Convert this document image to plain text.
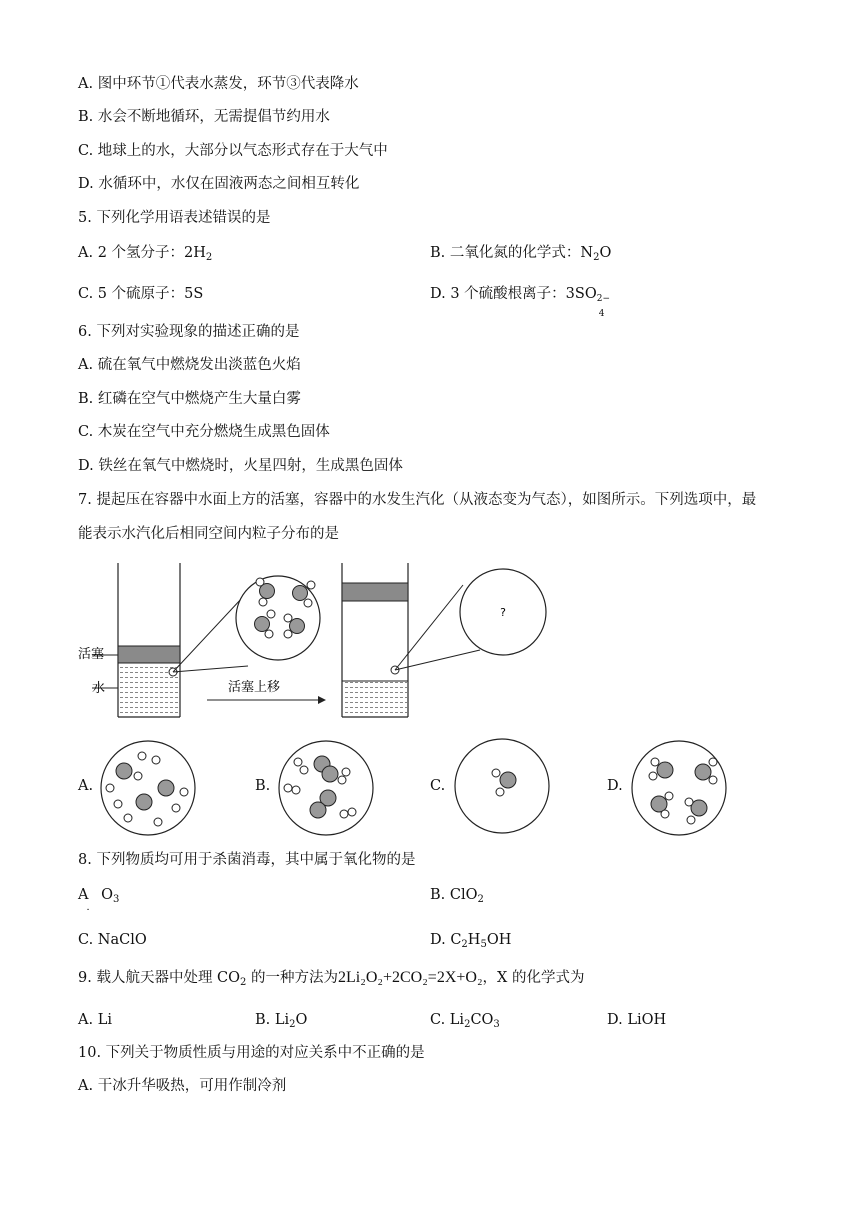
A. 图中环节①代表水蒸发，环节③代表降水
B. 水会不断地循环，无需提倡节约用水
C. 地球上的水，大部分以气态形式存在于大气中
D. 水循环中，水仅在固液两态之间相互转化
5. 下列化学用语表述错误的是
A. 2 个氢分子：$2H_2$	B. 二氧化氮的化学式：$N_2O$
C. 5 个硫原子：5S	D. 3 个硫酸根离子：3SO 2−
4
6. 下列对实验现象的描述正确的是
A. 硫在氧气中燃烧发出淡蓝色火焰
B. 红磷在空气中燃烧产生大量白雾
C. 木炭在空气中充分燃烧生成黑色固体
D. 铁丝在氧气中燃烧时，火星四射，生成黑色固体
7. 提起压在容器中水面上方的活塞，容器中的水发生汽化（从液态变为气态），如图所示。下列选项中，最
能表示水汽化后相同空间内粒子分布的是
?
活塞
水	活塞上移
A.	B.	C.	D.
8. 下列物质均可用于杀菌消毒，其中属于氧化物的是
$A_.$ $O_3$	B. ClO$_2$
C. NaClO	D. $C_2H_5OH$
9. 载人航天器中处理 $CO_2$ 的一种方法为2Li₂O₂+2CO₂=2X+O₂，X 的化学式为
A. Li	B. $Li_2O$	C. $Li_2CO_3$	D. LiOH
10. 下列关于物质性质与用途的对应关系中不正确的是
A. 干冰升华吸热，可用作制冷剂
